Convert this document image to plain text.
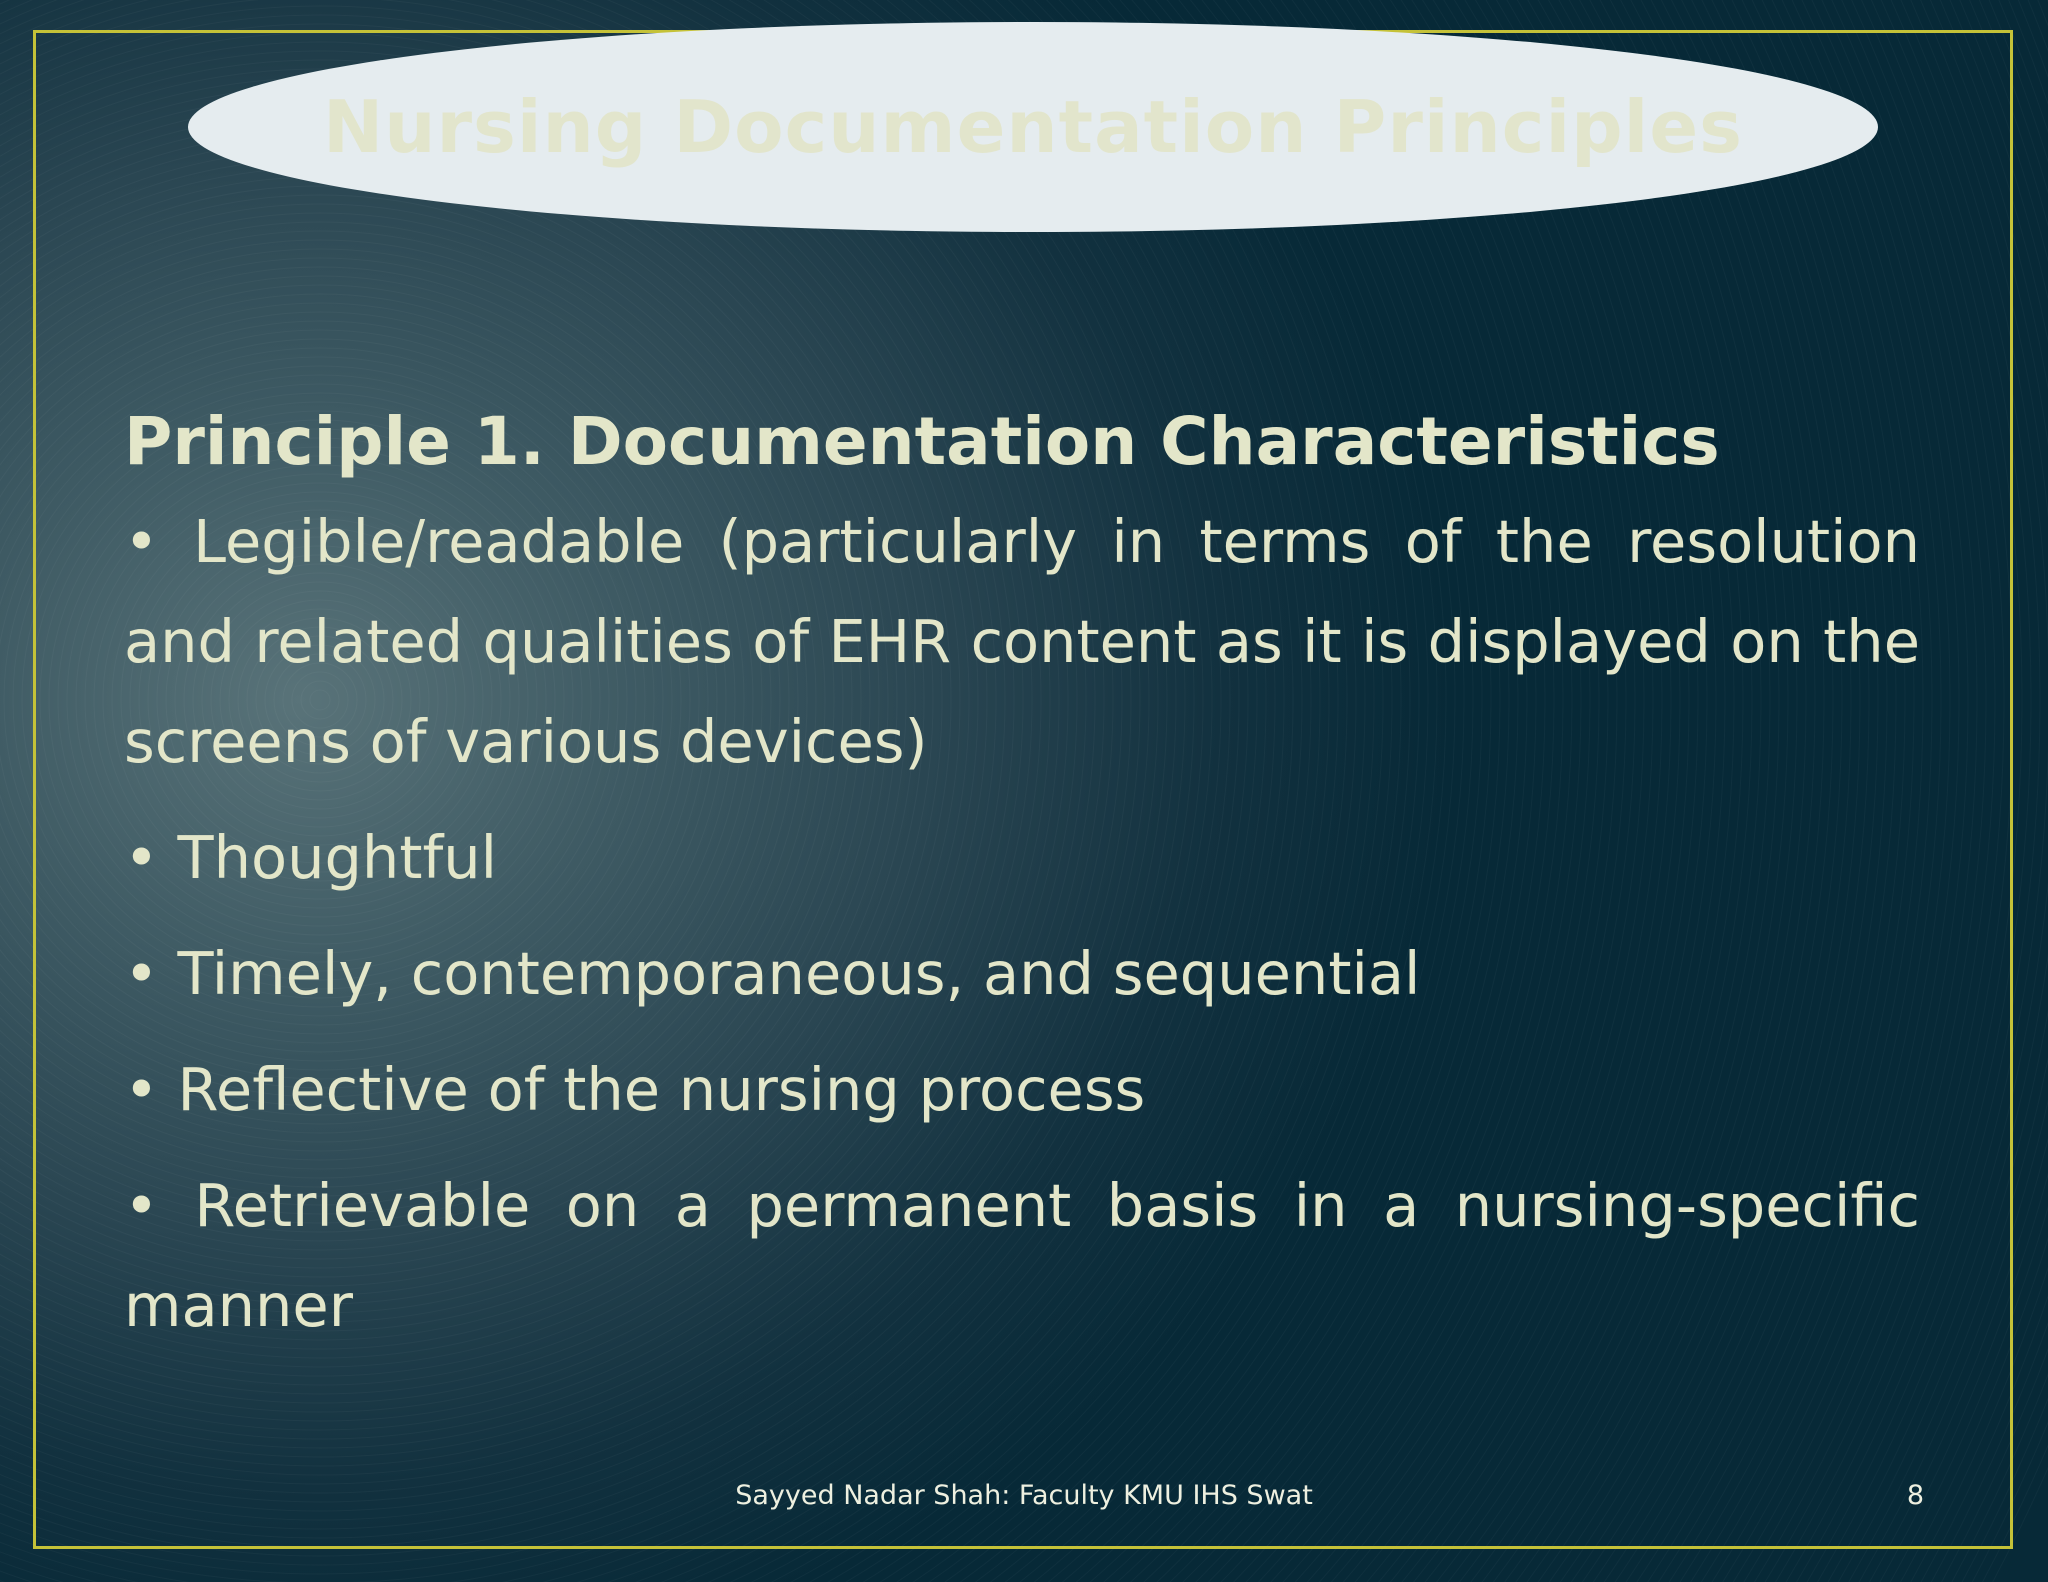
Nursing Documentation Principles

Principle 1. Documentation Characteristics

• Legible/readable (particularly in terms of the resolution and related qualities of EHR content as it is displayed on the screens of various devices)

• Thoughtful

• Timely, contemporaneous, and sequential

• Reflective of the nursing process

• Retrievable on a permanent basis in a nursing-specific manner

Sayyed Nadar Shah: Faculty KMU IHS Swat	8
